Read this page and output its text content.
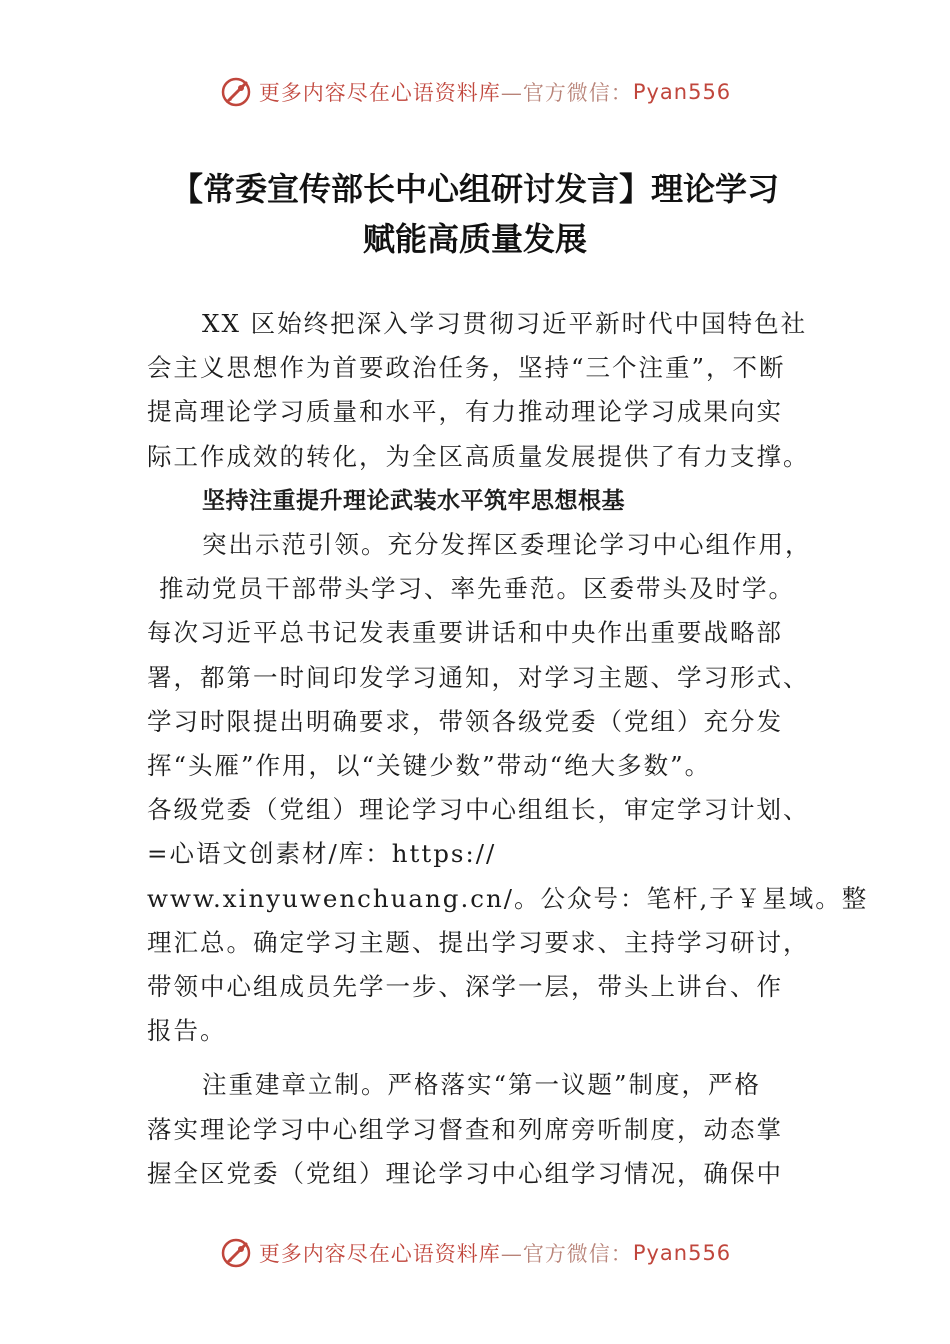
更多内容尽在心语资料库 —官方微信： Pyan556
【常委宣传部长中心组研讨发言】理论学习
赋能高质量发展
XX 区始终把深入学习贯彻习近平新时代中国特色社
会主义思想作为首要政治任务，坚持“三个注重”，不断
提高理论学习质量和水平，有力推动理论学习成果向实
际工作成效的转化，为全区高质量发展提供了有力支撑。
坚持注重提升理论武装水平筑牢思想根基
突出示范引领。充分发挥区委理论学习中心组作用，
推动党员干部带头学习、率先垂范。区委带头及时学。
每次习近平总书记发表重要讲话和中央作出重要战略部
署，都第一时间印发学习通知，对学习主题、学习形式、
学习时限提出明确要求，带领各级党委（党组）充分发
挥“头雁”作用，以“关键少数”带动“绝大多数”。
各级党委（党组）理论学习中心组组长，审定学习计划、
=心语文创素材/库：https://
www.xinyuwenchuang.cn/。公众号：笔杆,子￥星域。整
理汇总。确定学习主题、提出学习要求、主持学习研讨，
带领中心组成员先学一步、深学一层，带头上讲台、作
报告。
注重建章立制。严格落实“第一议题”制度，严格
落实理论学习中心组学习督查和列席旁听制度，动态掌
握全区党委（党组）理论学习中心组学习情况，确保中
更多内容尽在心语资料库 —官方微信： Pyan556
